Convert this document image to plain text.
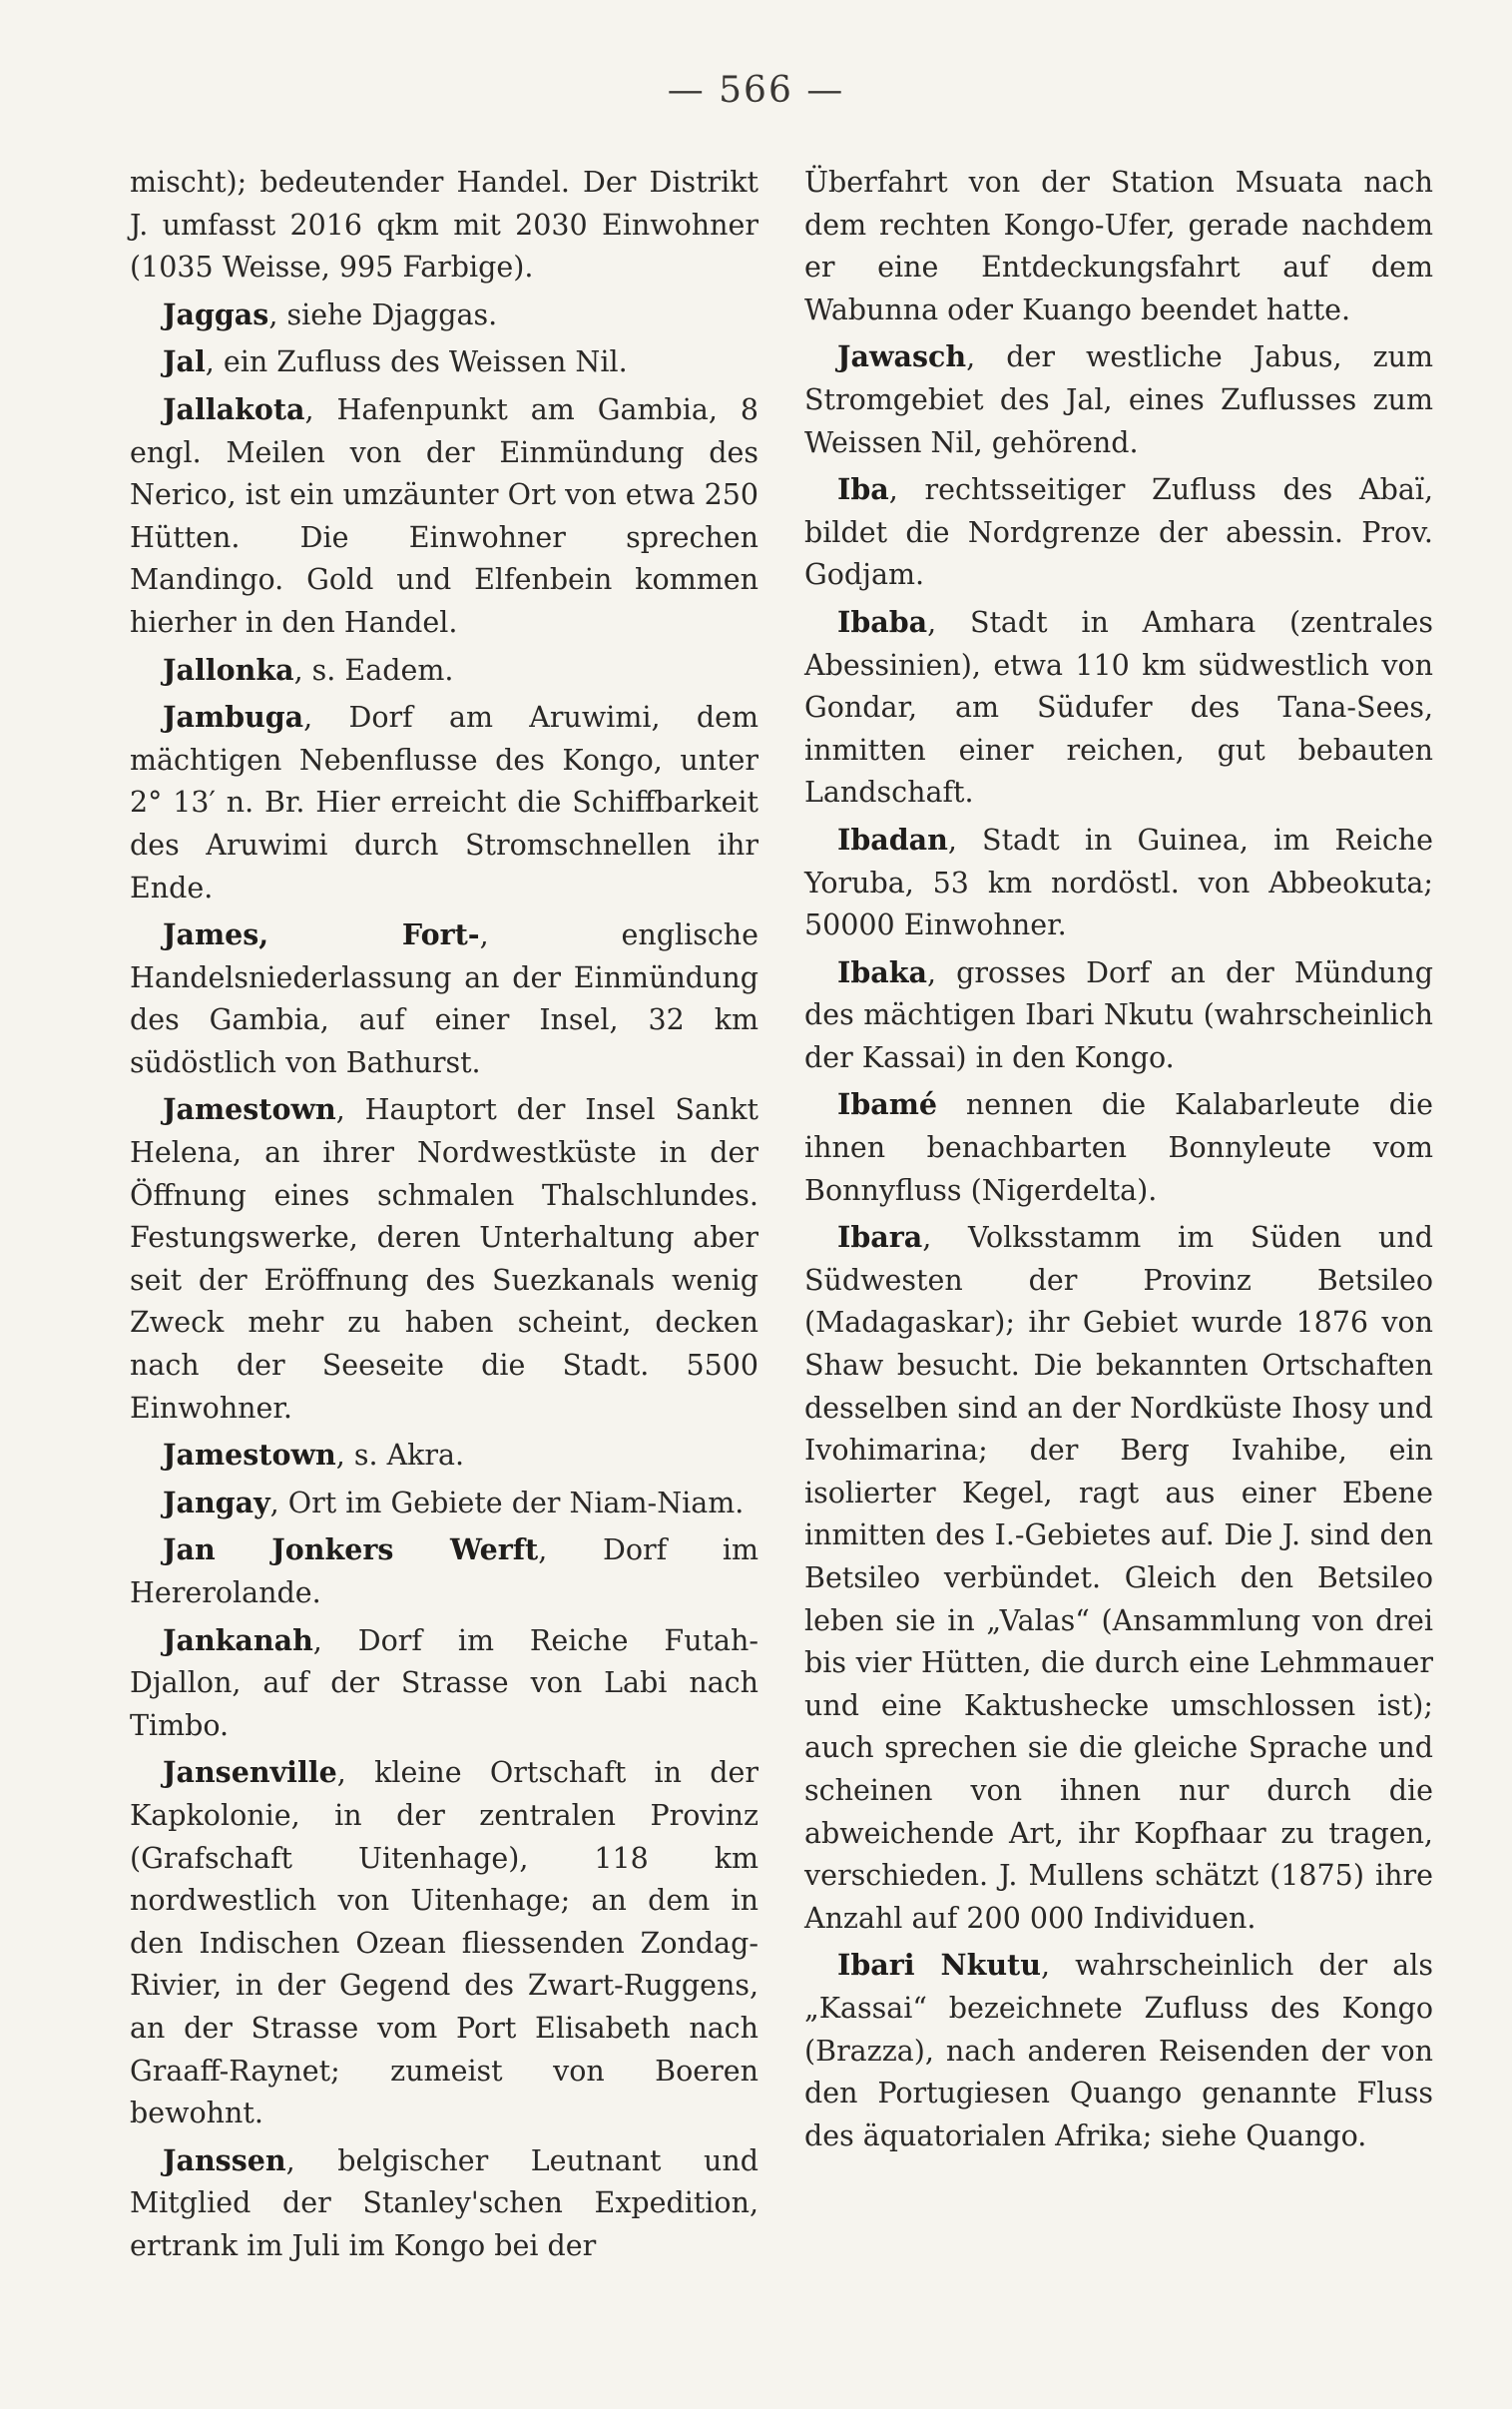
— 566 —

mischt); bedeutender Handel. Der Distrikt J. umfasst 2016 qkm mit 2030 Einwohner (1035 Weisse, 995 Farbige).

Jaggas, siehe Djaggas.

Jal, ein Zufluss des Weissen Nil.

Jallakota, Hafenpunkt am Gambia, 8 engl. Meilen von der Einmündung des Nerico, ist ein umzäunter Ort von etwa 250 Hütten. Die Einwohner sprechen Mandingo. Gold und Elfenbein kommen hierher in den Handel.

Jallonka, s. Eadem.

Jambuga, Dorf am Aruwimi, dem mächtigen Nebenflusse des Kongo, unter 2° 13′ n. Br. Hier erreicht die Schiffbarkeit des Aruwimi durch Stromschnellen ihr Ende.

James, Fort-, englische Handelsniederlassung an der Einmündung des Gambia, auf einer Insel, 32 km südöstlich von Bathurst.

Jamestown, Hauptort der Insel Sankt Helena, an ihrer Nordwestküste in der Öffnung eines schmalen Thalschlundes. Festungswerke, deren Unterhaltung aber seit der Eröffnung des Suezkanals wenig Zweck mehr zu haben scheint, decken nach der Seeseite die Stadt. 5500 Einwohner.

Jamestown, s. Akra.

Jangay, Ort im Gebiete der Niam-Niam.

Jan Jonkers Werft, Dorf im Hererolande.

Jankanah, Dorf im Reiche Futah-Djallon, auf der Strasse von Labi nach Timbo.

Jansenville, kleine Ortschaft in der Kapkolonie, in der zentralen Provinz (Grafschaft Uitenhage), 118 km nordwestlich von Uitenhage; an dem in den Indischen Ozean fliessenden Zondag-Rivier, in der Gegend des Zwart-Ruggens, an der Strasse vom Port Elisabeth nach Graaff-Raynet; zumeist von Boeren bewohnt.

Janssen, belgischer Leutnant und Mitglied der Stanley'schen Expedition, ertrank im Juli im Kongo bei der

Überfahrt von der Station Msuata nach dem rechten Kongo-Ufer, gerade nachdem er eine Entdeckungsfahrt auf dem Wabunna oder Kuango beendet hatte.

Jawasch, der westliche Jabus, zum Stromgebiet des Jal, eines Zuflusses zum Weissen Nil, gehörend.

Iba, rechtsseitiger Zufluss des Abaï, bildet die Nordgrenze der abessin. Prov. Godjam.

Ibaba, Stadt in Amhara (zentrales Abessinien), etwa 110 km südwestlich von Gondar, am Südufer des Tana-Sees, inmitten einer reichen, gut bebauten Landschaft.

Ibadan, Stadt in Guinea, im Reiche Yoruba, 53 km nordöstl. von Abbeokuta; 50000 Einwohner.

Ibaka, grosses Dorf an der Mündung des mächtigen Ibari Nkutu (wahrscheinlich der Kassai) in den Kongo.

Ibamé nennen die Kalabarleute die ihnen benachbarten Bonnyleute vom Bonnyfluss (Nigerdelta).

Ibara, Volksstamm im Süden und Südwesten der Provinz Betsileo (Madagaskar); ihr Gebiet wurde 1876 von Shaw besucht. Die bekannten Ortschaften desselben sind an der Nordküste Ihosy und Ivohimarina; der Berg Ivahibe, ein isolierter Kegel, ragt aus einer Ebene inmitten des I.-Gebietes auf. Die J. sind den Betsileo verbündet. Gleich den Betsileo leben sie in „Valas“ (Ansammlung von drei bis vier Hütten, die durch eine Lehmmauer und eine Kaktushecke umschlossen ist); auch sprechen sie die gleiche Sprache und scheinen von ihnen nur durch die abweichende Art, ihr Kopfhaar zu tragen, verschieden. J. Mullens schätzt (1875) ihre Anzahl auf 200 000 Individuen.

Ibari Nkutu, wahrscheinlich der als „Kassai“ bezeichnete Zufluss des Kongo (Brazza), nach anderen Reisenden der von den Portugiesen Quango genannte Fluss des äquatorialen Afrika; siehe Quango.
